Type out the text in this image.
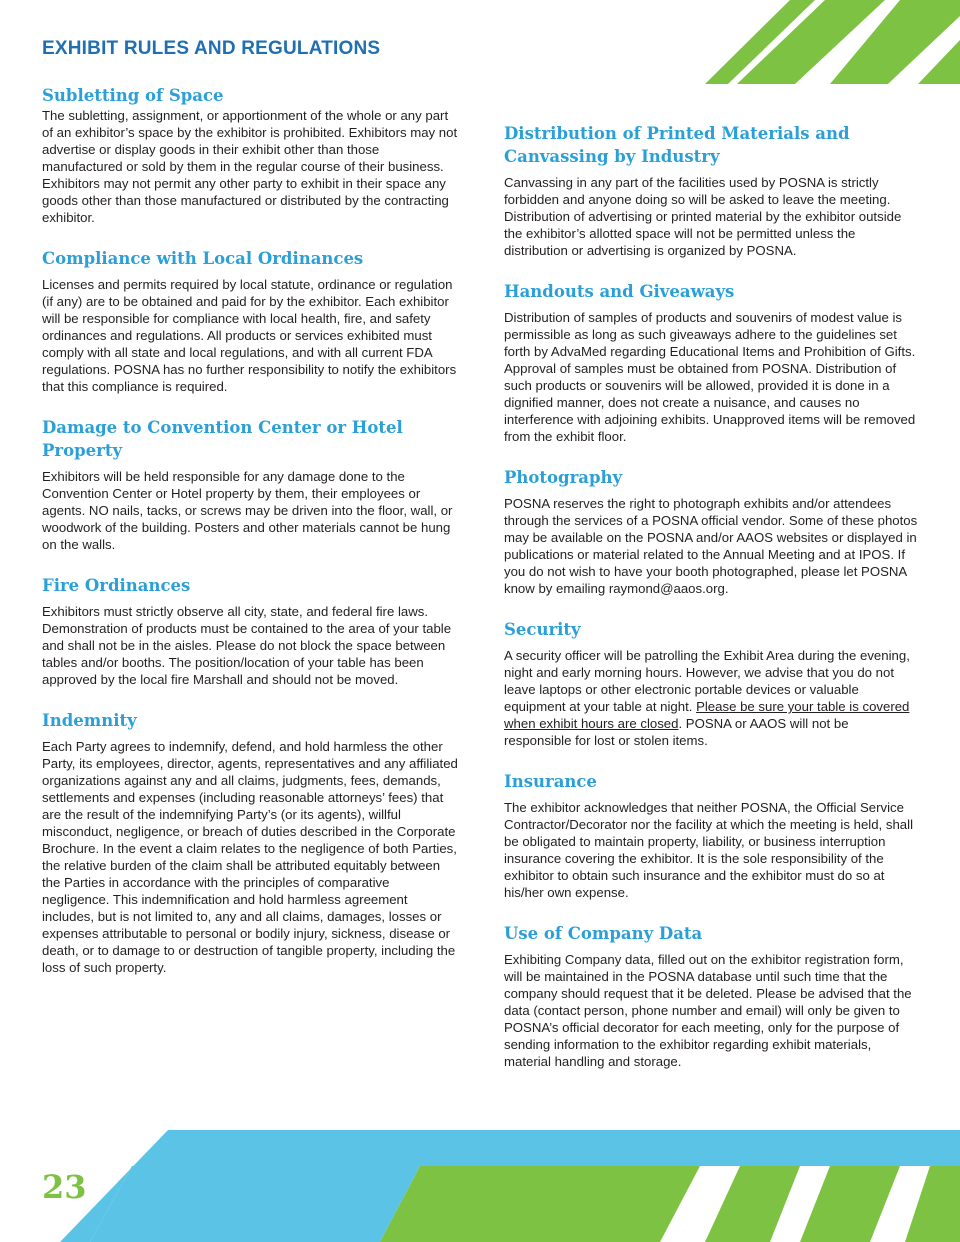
EXHIBIT RULES AND REGULATIONS
Subletting of Space

The subletting, assignment, or apportionment of the whole or any part of an exhibitor’s space by the exhibitor is prohibited. Exhibitors may not advertise or display goods in their exhibit other than those manufactured or sold by them in the regular course of their business. Exhibitors may not permit any other party to exhibit in their space any goods other than those manufactured or distributed by the contracting exhibitor.

Compliance with Local Ordinances

Licenses and permits required by local statute, ordinance or regulation (if any) are to be obtained and paid for by the exhibitor. Each exhibitor will be responsible for compliance with local health, fire, and safety ordinances and regulations. All products or services exhibited must comply with all state and local regulations, and with all current FDA regulations. POSNA has no further responsibility to notify the exhibitors that this compliance is required.

Damage to Convention Center or Hotel Property

Exhibitors will be held responsible for any damage done to the Convention Center or Hotel property by them, their employees or agents. NO nails, tacks, or screws may be driven into the floor, wall, or woodwork of the building. Posters and other materials cannot be hung on the walls.

Fire Ordinances

Exhibitors must strictly observe all city, state, and federal fire laws. Demonstration of products must be contained to the area of your table and shall not be in the aisles. Please do not block the space between tables and/or booths. The position/location of your table has been approved by the local fire Marshall and should not be moved.

Indemnity

Each Party agrees to indemnify, defend, and hold harmless the other Party, its employees, director, agents, representatives and any affiliated organizations against any and all claims, judgments, fees, demands, settlements and expenses (including reasonable attorneys’ fees) that are the result of the indemnifying Party’s (or its agents), willful misconduct, negligence, or breach of duties described in the Corporate Brochure. In the event a claim relates to the negligence of both Parties, the relative burden of the claim shall be attributed equitably between the Parties in accordance with the principles of comparative negligence. This indemnification and hold harmless agreement includes, but is not limited to, any and all claims, damages, losses or expenses attributable to personal or bodily injury, sickness, disease or death, or to damage to or destruction of tangible property, including the loss of such property.

Distribution of Printed Materials and Canvassing by Industry

Canvassing in any part of the facilities used by POSNA is strictly forbidden and anyone doing so will be asked to leave the meeting. Distribution of advertising or printed material by the exhibitor outside the exhibitor’s allotted space will not be permitted unless the distribution or advertising is organized by POSNA.

Handouts and Giveaways

Distribution of samples of products and souvenirs of modest value is permissible as long as such giveaways adhere to the guidelines set forth by AdvaMed regarding Educational Items and Prohibition of Gifts. Approval of samples must be obtained from POSNA. Distribution of such products or souvenirs will be allowed, provided it is done in a dignified manner, does not create a nuisance, and causes no interference with adjoining exhibits. Unapproved items will be removed from the exhibit floor.

Photography

POSNA reserves the right to photograph exhibits and/or attendees through the services of a POSNA official vendor. Some of these photos may be available on the POSNA and/or AAOS websites or displayed in publications or material related to the Annual Meeting and at IPOS. If you do not wish to have your booth photographed, please let POSNA know by emailing raymond@aaos.org.

Security

A security officer will be patrolling the Exhibit Area during the evening, night and early morning hours. However, we advise that you do not leave laptops or other electronic portable devices or valuable equipment at your table at night. Please be sure your table is covered when exhibit hours are closed. POSNA or AAOS will not be responsible for lost or stolen items.

Insurance

The exhibitor acknowledges that neither POSNA, the Official Service Contractor/Decorator nor the facility at which the meeting is held, shall be obligated to maintain property, liability, or business interruption insurance covering the exhibitor. It is the sole responsibility of the exhibitor to obtain such insurance and the exhibitor must do so at his/her own expense.

Use of Company Data

Exhibiting Company data, filled out on the exhibitor registration form, will be maintained in the POSNA database until such time that the company should request that it be deleted. Please be advised that the data (contact person, phone number and email) will only be given to POSNA’s official decorator for each meeting, only for the purpose of sending information to the exhibitor regarding exhibit materials, material handling and storage.

23
